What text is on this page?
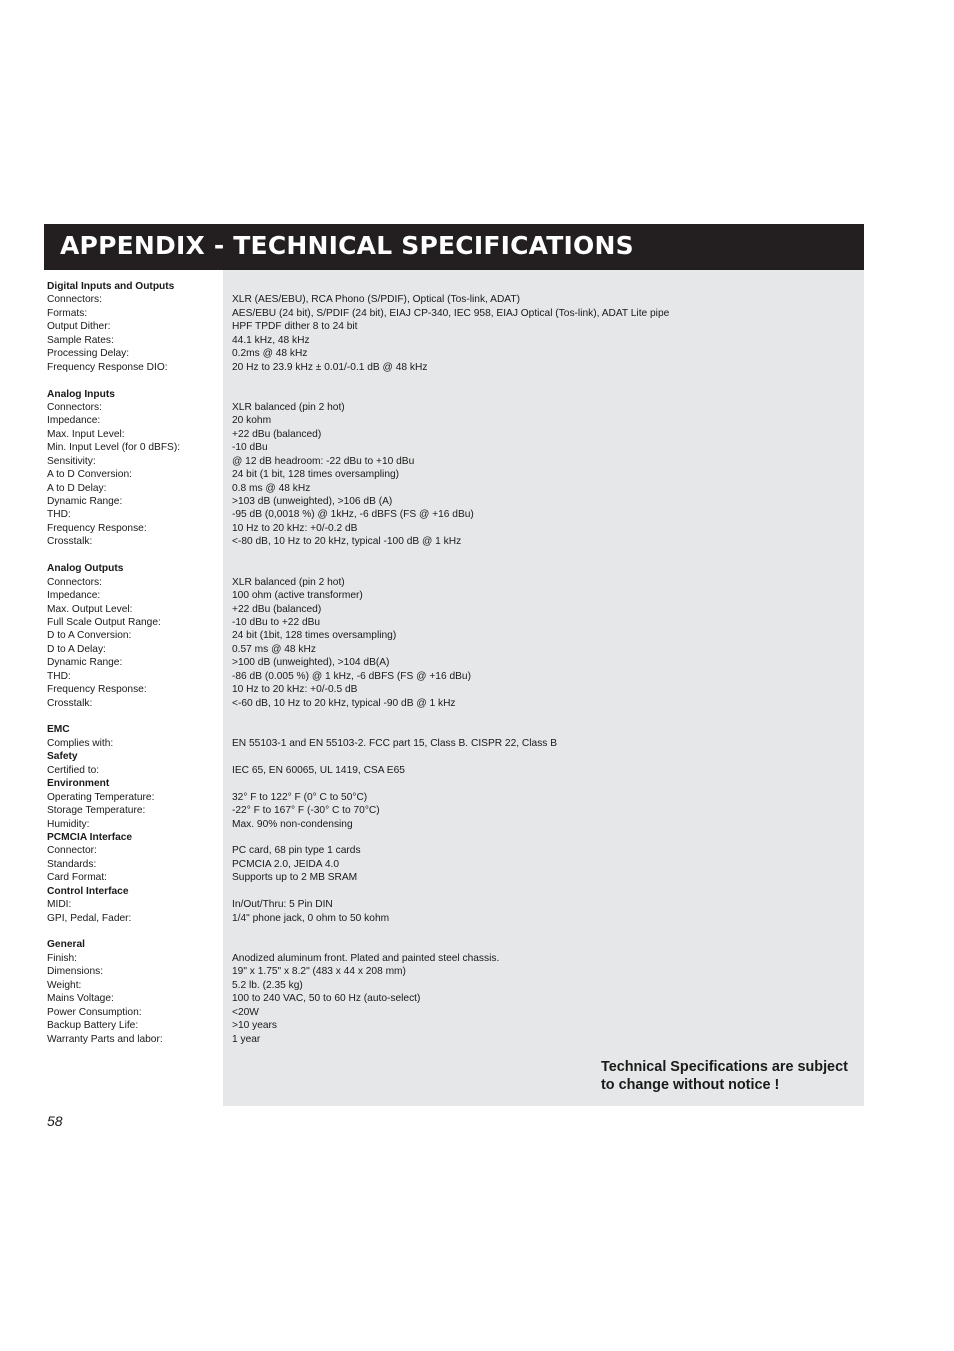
APPENDIX - TECHNICAL SPECIFICATIONS
Digital Inputs and Outputs
Connectors:	XLR (AES/EBU), RCA Phono (S/PDIF), Optical (Tos-link, ADAT)
Formats:	AES/EBU (24 bit), S/PDIF (24 bit), EIAJ CP-340, IEC 958, EIAJ Optical (Tos-link), ADAT Lite pipe
Output Dither:	HPF TPDF dither 8 to 24 bit
Sample Rates:	44.1 kHz, 48 kHz
Processing Delay:	0.2ms @ 48 kHz
Frequency Response DIO:	20 Hz to 23.9 kHz ± 0.01/-0.1 dB @ 48 kHz
Analog Inputs
Connectors:	XLR balanced (pin 2 hot)
Impedance:	20 kohm
Max. Input Level:	+22 dBu (balanced)
Min. Input Level (for 0 dBFS):	-10 dBu
Sensitivity:	@ 12 dB headroom: -22 dBu to +10 dBu
A to D Conversion:	24 bit (1 bit, 128 times oversampling)
A to D Delay:	0.8 ms @ 48 kHz
Dynamic Range:	>103 dB (unweighted), >106 dB (A)
THD:	-95 dB (0,0018 %) @ 1kHz, -6 dBFS (FS @ +16 dBu)
Frequency Response:	10 Hz to 20 kHz: +0/-0.2 dB
Crosstalk:	<-80 dB, 10 Hz to 20 kHz, typical -100 dB @ 1 kHz
Analog Outputs
Connectors:	XLR balanced (pin 2 hot)
Impedance:	100 ohm (active transformer)
Max. Output Level:	+22 dBu (balanced)
Full Scale Output Range:	-10 dBu to +22 dBu
D to A Conversion:	24 bit (1bit, 128 times oversampling)
D to A Delay:	0.57 ms @ 48 kHz
Dynamic Range:	>100 dB (unweighted), >104 dB(A)
THD:	-86 dB (0.005 %) @ 1 kHz, -6 dBFS (FS @ +16 dBu)
Frequency Response:	10 Hz to 20 kHz: +0/-0.5 dB
Crosstalk:	<-60 dB, 10 Hz to 20 kHz, typical -90 dB @ 1 kHz
EMC
Complies with:	EN 55103-1 and EN 55103-2. FCC part 15, Class B. CISPR 22, Class B
Safety
Certified to:	IEC 65, EN 60065, UL 1419, CSA E65
Environment
Operating Temperature:	32° F to 122° F (0° C to 50°C)
Storage Temperature:	-22° F to 167° F (-30° C to 70°C)
Humidity:	Max. 90% non-condensing
PCMCIA Interface
Connector:	PC card, 68 pin type 1 cards
Standards:	PCMCIA 2.0, JEIDA 4.0
Card Format:	Supports up to 2 MB SRAM
Control Interface
MIDI:	In/Out/Thru: 5 Pin DIN
GPI, Pedal, Fader:	1/4" phone jack, 0 ohm to 50 kohm
General
Finish:	Anodized aluminum front. Plated and painted steel chassis.
Dimensions:	19" x 1.75" x 8.2" (483 x 44 x 208 mm)
Weight:	5.2 lb. (2.35 kg)
Mains Voltage:	100 to 240 VAC, 50 to 60 Hz (auto-select)
Power Consumption:	<20W
Backup Battery Life:	>10 years
Warranty Parts and labor:	1 year
Technical Specifications are subject
to change without notice !
58
